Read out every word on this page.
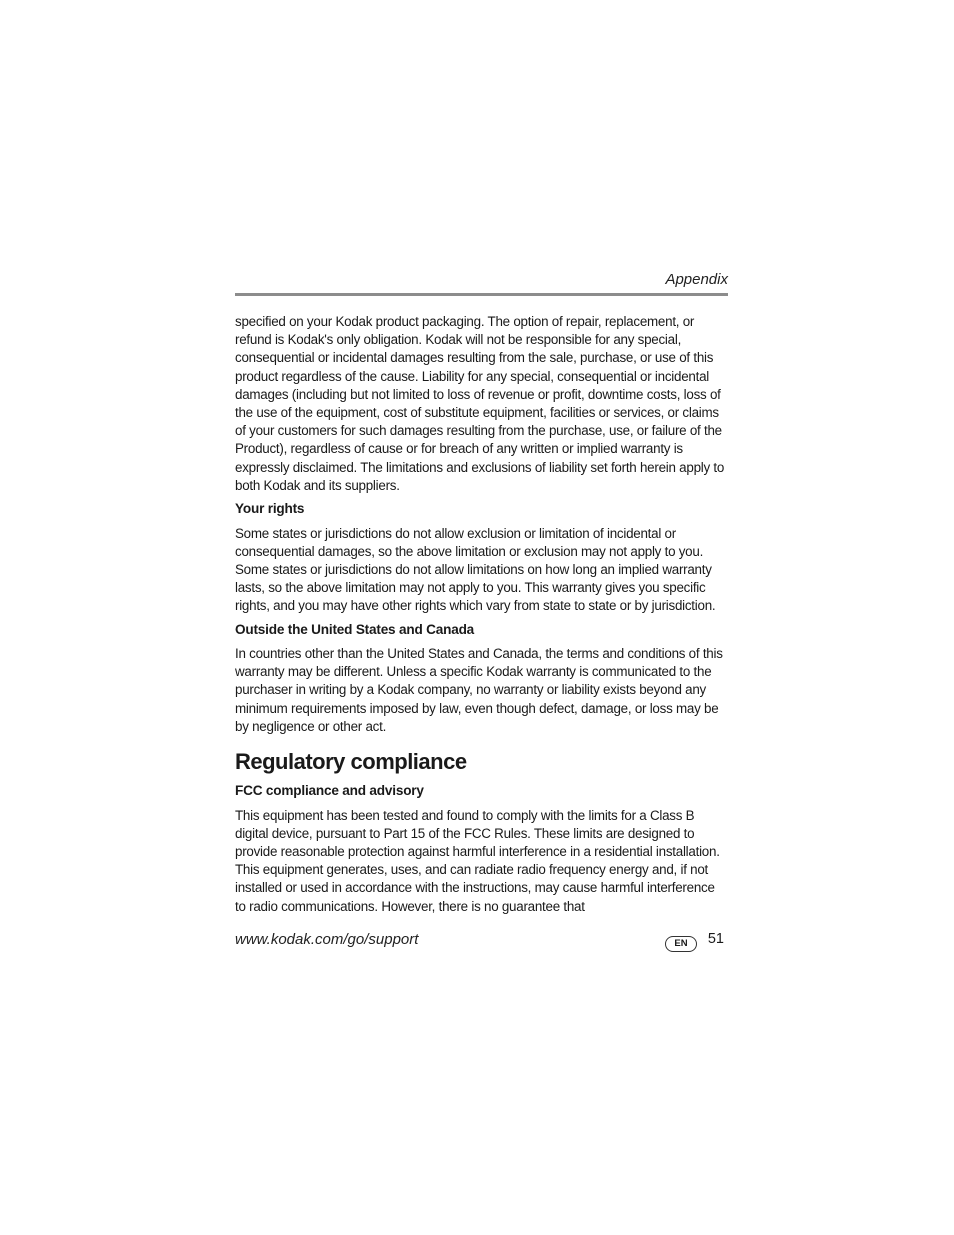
Appendix

specified on your Kodak product packaging. The option of repair, replacement, or refund is Kodak's only obligation. Kodak will not be responsible for any special, consequential or incidental damages resulting from the sale, purchase, or use of this product regardless of the cause. Liability for any special, consequential or incidental damages (including but not limited to loss of revenue or profit, downtime costs, loss of the use of the equipment, cost of substitute equipment, facilities or services, or claims of your customers for such damages resulting from the purchase, use, or failure of the Product), regardless of cause or for breach of any written or implied warranty is expressly disclaimed. The limitations and exclusions of liability set forth herein apply to both Kodak and its suppliers.

Your rights

Some states or jurisdictions do not allow exclusion or limitation of incidental or consequential damages, so the above limitation or exclusion may not apply to you. Some states or jurisdictions do not allow limitations on how long an implied warranty lasts, so the above limitation may not apply to you. This warranty gives you specific rights, and you may have other rights which vary from state to state or by jurisdiction.

Outside the United States and Canada

In countries other than the United States and Canada, the terms and conditions of this warranty may be different. Unless a specific Kodak warranty is communicated to the purchaser in writing by a Kodak company, no warranty or liability exists beyond any minimum requirements imposed by law, even though defect, damage, or loss may be by negligence or other act.

Regulatory compliance
FCC compliance and advisory

This equipment has been tested and found to comply with the limits for a Class B digital device, pursuant to Part 15 of the FCC Rules. These limits are designed to provide reasonable protection against harmful interference in a residential installation. This equipment generates, uses, and can radiate radio frequency energy and, if not installed or used in accordance with the instructions, may cause harmful interference to radio communications. However, there is no guarantee that

www.kodak.com/go/support	EN	51
